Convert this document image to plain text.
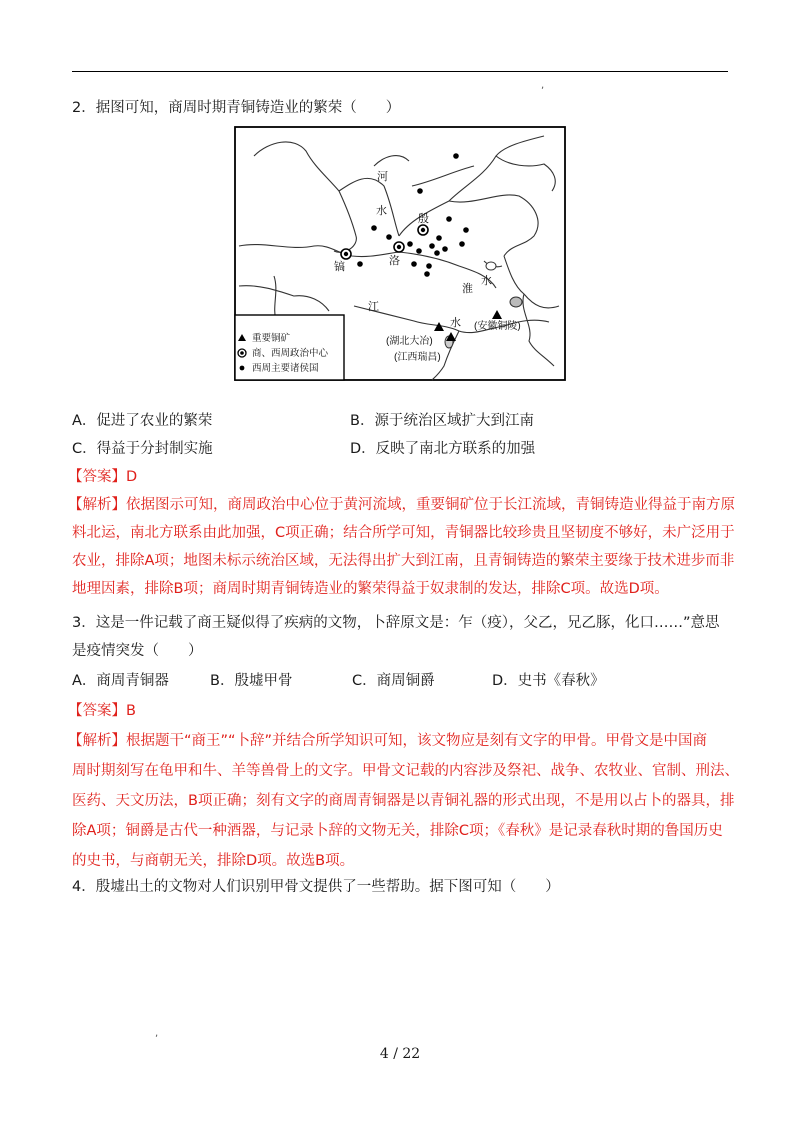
,
2．据图可知，商周时期青铜铸造业的繁荣（　　）
河
水
殷
镐	洛
淮
水
江
水 (安徽铜陵)
(湖北大冶)
(江西瑞昌)
重要铜矿
商、西周政治中心
西周主要诸侯国
A．促进了农业的繁荣	B．源于统治区域扩大到江南
C．得益于分封制实施	D．反映了南北方联系的加强
【答案】D
【解析】依据图示可知，商周政治中心位于黄河流域，重要铜矿位于长江流域，青铜铸造业得益于南方原
料北运，南北方联系由此加强，C项正确；结合所学可知，青铜器比较珍贵且坚韧度不够好，未广泛用于
农业，排除A项；地图未标示统治区域，无法得出扩大到江南，且青铜铸造的繁荣主要缘于技术进步而非
地理因素，排除B项；商周时期青铜铸造业的繁荣得益于奴隶制的发达，排除C项。故选D项。
3．这是一件记载了商王疑似得了疾病的文物，卜辞原文是：乍（疫），父乙，兄乙豚，化口……”意思
是疫情突发（　　）
A．商周青铜器	B．殷墟甲骨	C．商周铜爵	D．史书《春秋》
【答案】B
【解析】根据题干“商王”“卜辞”并结合所学知识可知，该文物应是刻有文字的甲骨。甲骨文是中国商
周时期刻写在龟甲和牛、羊等兽骨上的文字。甲骨文记载的内容涉及祭祀、战争、农牧业、官制、刑法、
医药、天文历法，B项正确；刻有文字的商周青铜器是以青铜礼器的形式出现，不是用以占卜的器具，排
除A项；铜爵是古代一种酒器，与记录卜辞的文物无关，排除C项；《春秋》是记录春秋时期的鲁国历史
的史书，与商朝无关，排除D项。故选B项。
4．殷墟出土的文物对人们识别甲骨文提供了一些帮助。据下图可知（　　）
,
4 / 22
